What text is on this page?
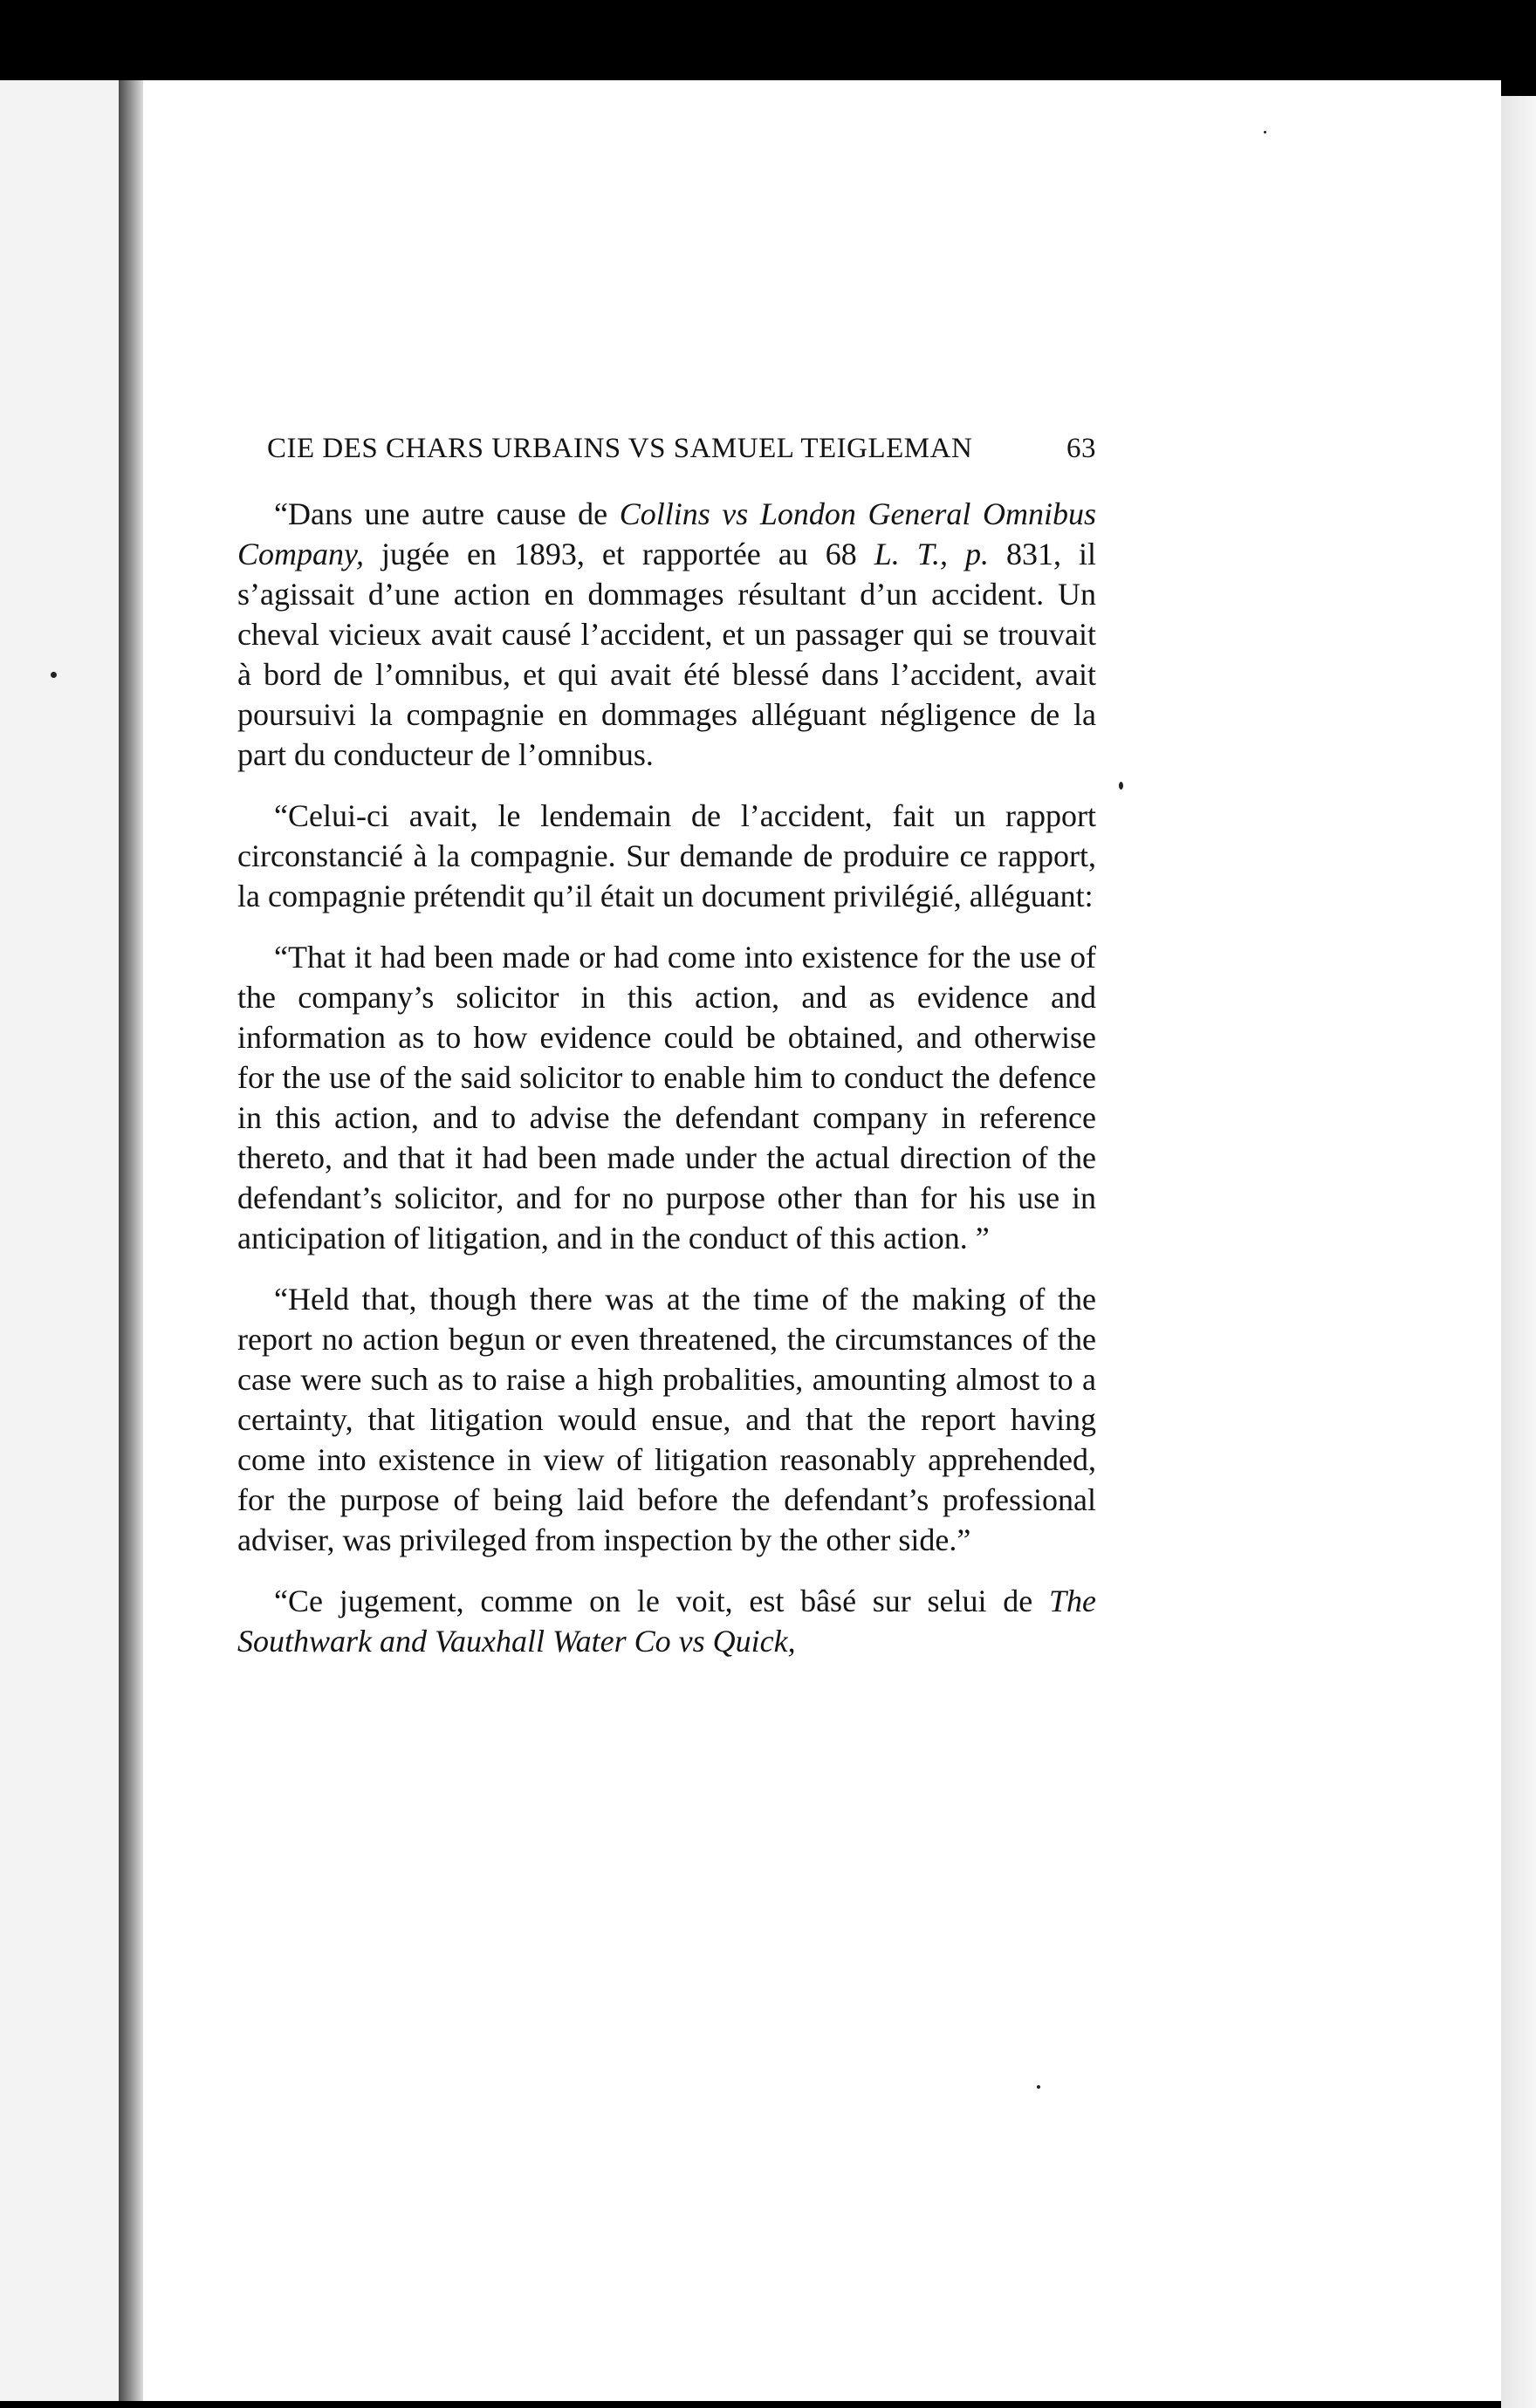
CIE DES CHARS URBAINS VS SAMUEL TEIGLEMAN	63

“Dans une autre cause de Collins vs London General Omnibus Company, jugée en 1893, et rapportée au 68 L. T., p. 831, il s’agissait d’une action en dommages résultant d’un accident. Un cheval vicieux avait causé l’accident, et un passager qui se trouvait à bord de l’omnibus, et qui avait été blessé dans l’accident, avait poursuivi la compagnie en dommages alléguant négligence de la part du conducteur de l’omnibus.

“Celui-ci avait, le lendemain de l’accident, fait un rapport circonstancié à la compagnie. Sur demande de produire ce rapport, la compagnie prétendit qu’il était un document privilégié, alléguant:

“That it had been made or had come into existence for the use of the company’s solicitor in this action, and as evidence and information as to how evidence could be obtained, and otherwise for the use of the said solicitor to enable him to conduct the defence in this action, and to advise the defendant company in reference thereto, and that it had been made under the actual direction of the defendant’s solicitor, and for no purpose other than for his use in anticipation of litigation, and in the conduct of this action. ”

“Held that, though there was at the time of the making of the report no action begun or even threatened, the circumstances of the case were such as to raise a high probalities, amounting almost to a certainty, that litigation would ensue, and that the report having come into existence in view of litigation reasonably apprehended, for the purpose of being laid before the defendant’s professional adviser, was privileged from inspection by the other side.”

“Ce jugement, comme on le voit, est bâsé sur selui de The Southwark and Vauxhall Water Co vs Quick,
